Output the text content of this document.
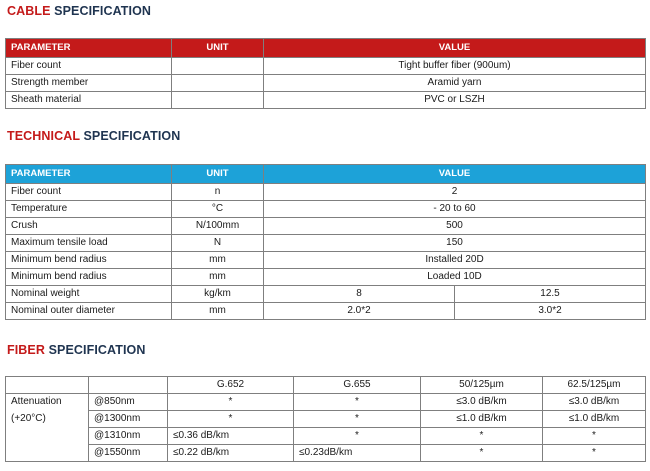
CABLE SPECIFICATION
PARAMETER	UNIT	VALUE
Fiber count		Tight buffer fiber (900um)
Strength member		Aramid yarn
Sheath material		PVC or LSZH
TECHNICAL SPECIFICATION
PARAMETER	UNIT	VALUE	
Fiber count	n	2	
Temperature	°C	- 20 to 60	
Crush	N/100mm	500	
Maximum tensile load	N	150	
Minimum bend radius	mm	Installed 20D	
Minimum bend radius	mm	Loaded 10D	
Nominal weight	kg/km	8	12.5
Nominal outer diameter	mm	2.0*2	3.0*2
FIBER SPECIFICATION
		G.652	G.655	50/125µm	62.5/125µm
Attenuation	@850nm	*	*	≤3.0 dB/km	≤3.0 dB/km
(+20°C)	@1300nm	*	*	≤1.0 dB/km	≤1.0 dB/km
	@1310nm	≤0.36 dB/km	*	*	*
	@1550nm	≤0.22 dB/km	≤0.23dB/km	*	*
